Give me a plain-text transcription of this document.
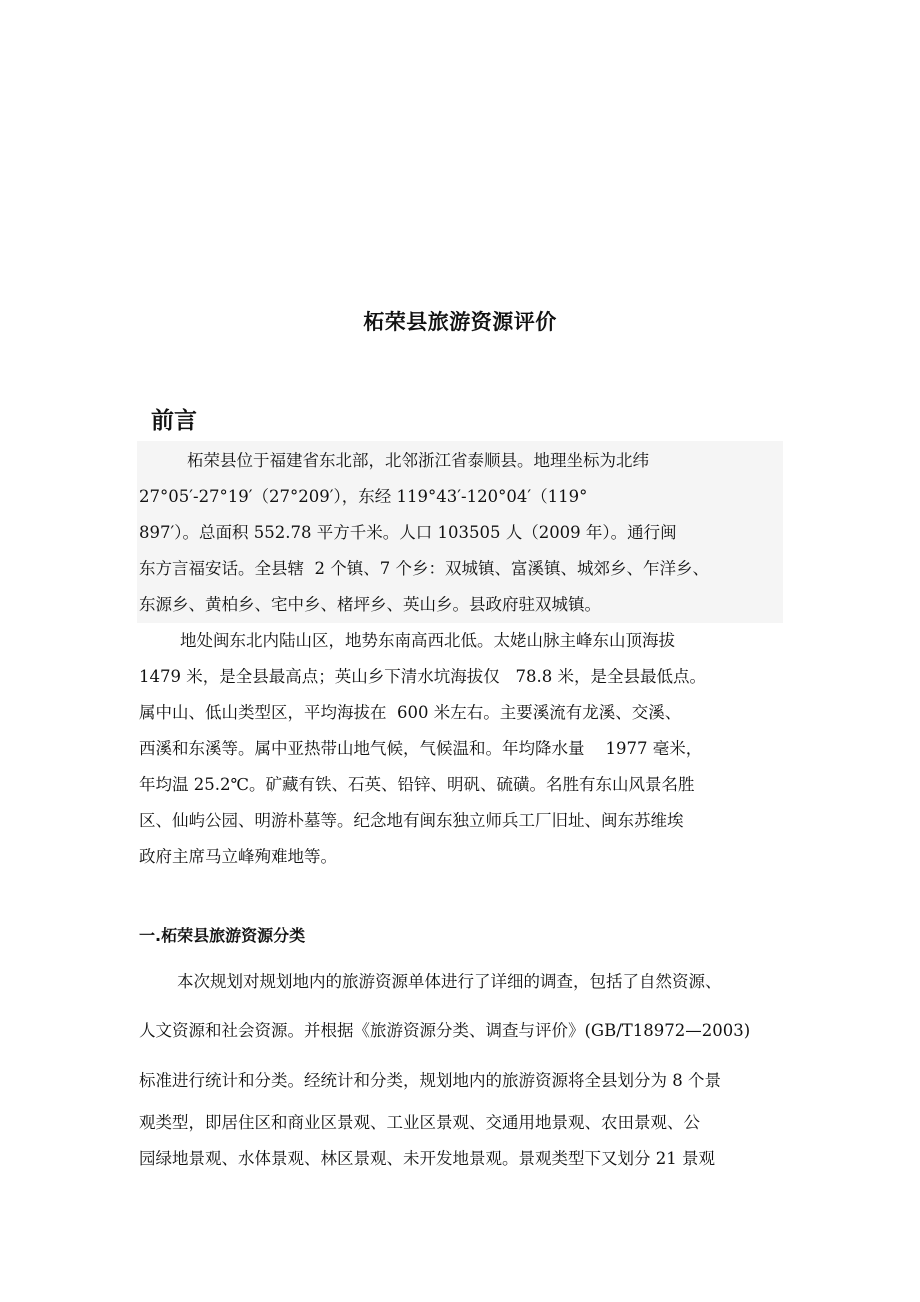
柘荣县旅游资源评价
前言

柘荣县位于福建省东北部，北邻浙江省泰顺县。地理坐标为北纬

27°05′-27°19′（27°209′），东经 119°43′-120°04′（119°

897′）。总面积 552.78 平方千米。人口 103505 人（2009 年）。通行闽

东方言福安话。全县辖  2 个镇、7 个乡：双城镇、富溪镇、城郊乡、乍洋乡、

东源乡、黄柏乡、宅中乡、楮坪乡、英山乡。县政府驻双城镇。

地处闽东北内陆山区，地势东南高西北低。太姥山脉主峰东山顶海拔

1479 米，是全县最高点；英山乡下清水坑海拔仅   78.8 米，是全县最低点。

属中山、低山类型区，平均海拔在  600 米左右。主要溪流有龙溪、交溪、

西溪和东溪等。属中亚热带山地气候，气候温和。年均降水量    1977 毫米，

年均温 25.2℃。矿藏有铁、石英、铅锌、明矾、硫磺。名胜有东山风景名胜

区、仙屿公园、明游朴墓等。纪念地有闽东独立师兵工厂旧址、闽东苏维埃

政府主席马立峰殉难地等。

一.柘荣县旅游资源分类

本次规划对规划地内的旅游资源单体进行了详细的调查，包括了自然资源、

人文资源和社会资源。并根据《旅游资源分类、调查与评价》(GB/T18972—2003)

标准进行统计和分类。经统计和分类，规划地内的旅游资源将全县划分为 8 个景

观类型，即居住区和商业区景观、工业区景观、交通用地景观、农田景观、公

园绿地景观、水体景观、林区景观、未开发地景观。景观类型下又划分 21 景观
